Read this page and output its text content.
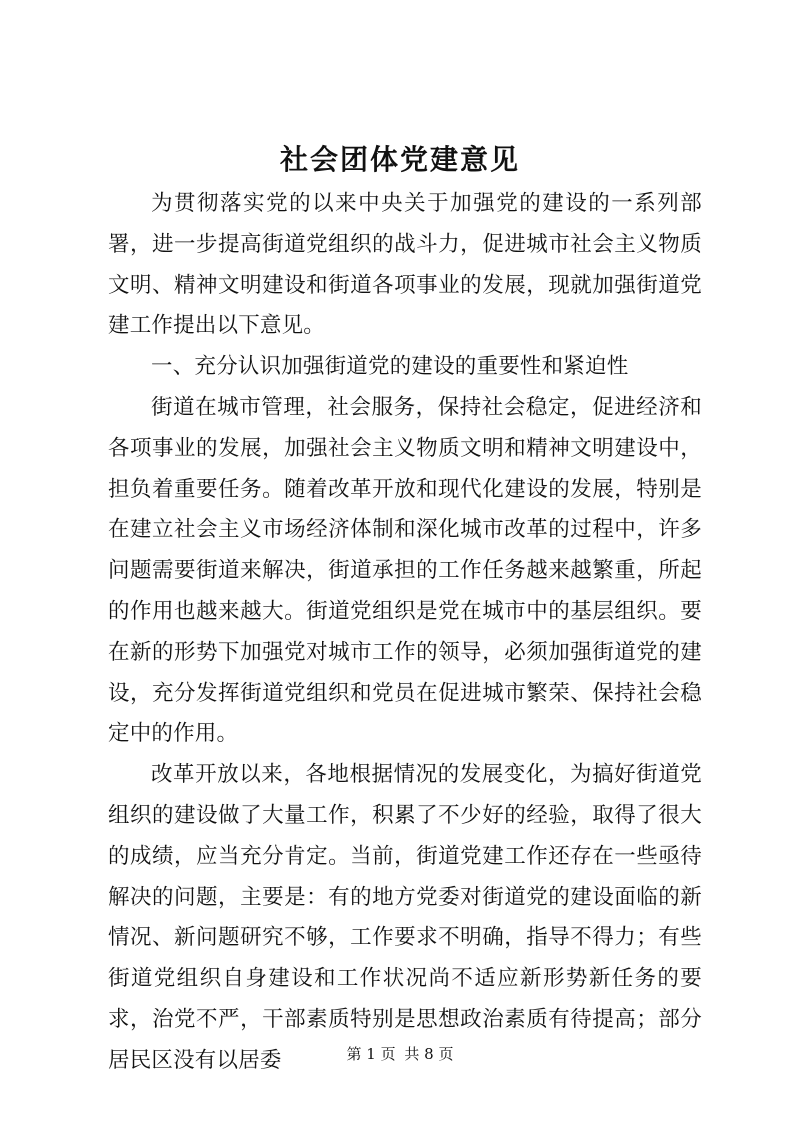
社会团体党建意见

为贯彻落实党的以来中央关于加强党的建设的一系列部署，进一步提高街道党组织的战斗力，促进城市社会主义物质文明、精神文明建设和街道各项事业的发展，现就加强街道党建工作提出以下意见。

一、充分认识加强街道党的建设的重要性和紧迫性

街道在城市管理，社会服务，保持社会稳定，促进经济和各项事业的发展，加强社会主义物质文明和精神文明建设中，担负着重要任务。随着改革开放和现代化建设的发展，特别是在建立社会主义市场经济体制和深化城市改革的过程中，许多问题需要街道来解决，街道承担的工作任务越来越繁重，所起的作用也越来越大。街道党组织是党在城市中的基层组织。要在新的形势下加强党对城市工作的领导，必须加强街道党的建设，充分发挥街道党组织和党员在促进城市繁荣、保持社会稳定中的作用。

改革开放以来，各地根据情况的发展变化，为搞好街道党组织的建设做了大量工作，积累了不少好的经验，取得了很大的成绩，应当充分肯定。当前，街道党建工作还存在一些亟待解决的问题，主要是：有的地方党委对街道党的建设面临的新情况、新问题研究不够，工作要求不明确，指导不得力；有些街道党组织自身建设和工作状况尚不适应新形势新任务的要求，治党不严，干部素质特别是思想政治素质有待提高；部分居民区没有以居委	第 1 页 共 8 页
